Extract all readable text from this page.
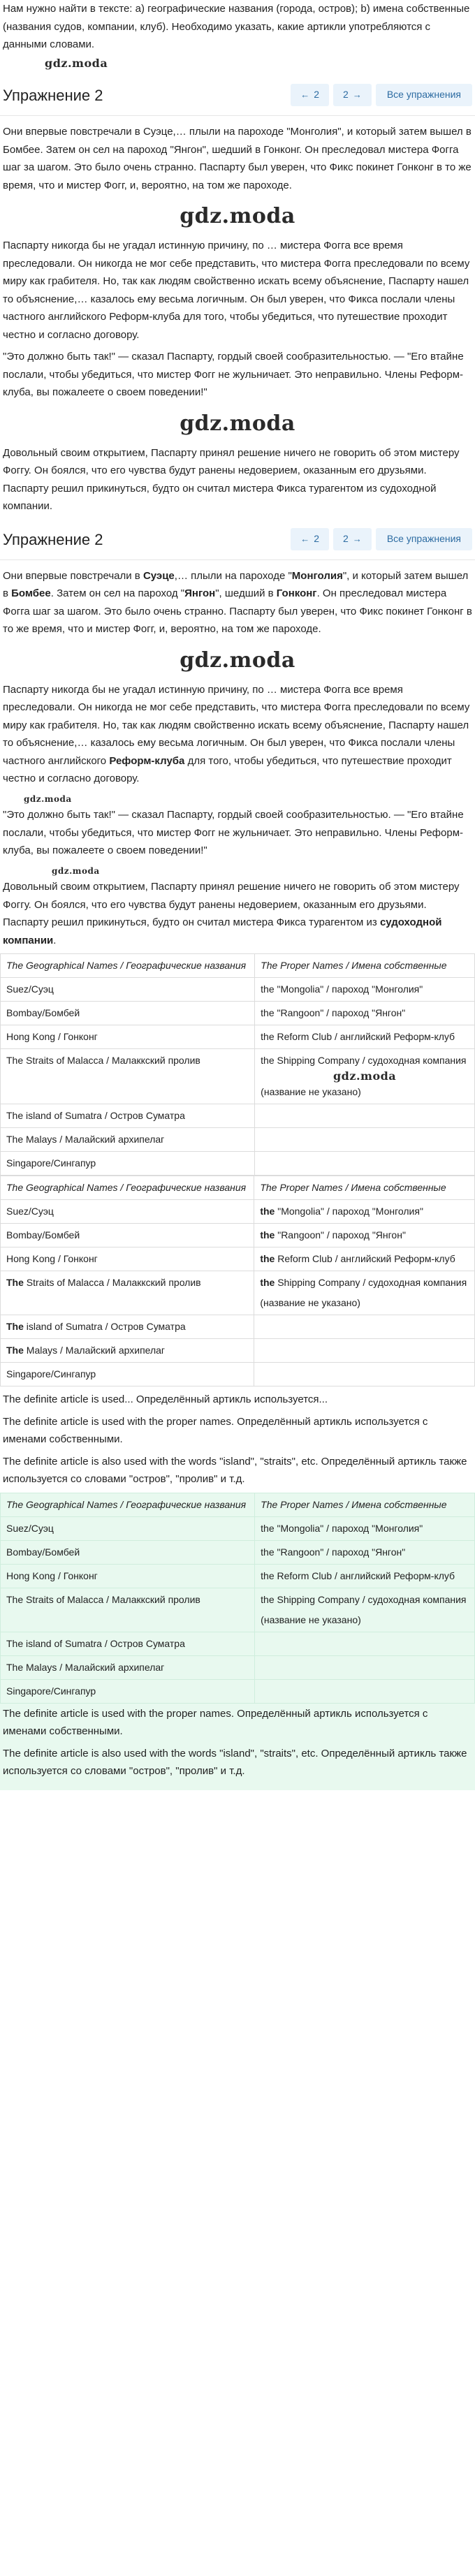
Нам нужно найти в тексте: а) географические названия (города, остров); b) имена собственные (названия судов, компании, клуб). Необходимо указать, какие артикли употребляются с данными словами.

gdz.moda
Упражнение 2	← 2 2 →	Все упражнения

Они впервые повстречали в Суэце,… плыли на пароходе "Монголия", и который затем вышел в Бомбее. Затем он сел на пароход "Янгон", шедший в Гонконг. Он преследовал мистера Фогга шаг за шагом. Это было очень странно. Паспарту был уверен, что Фикс покинет Гонконг в то же время, что и мистер Фогг, и, вероятно, на том же пароходе.

gdz.moda

Паспарту никогда бы не угадал истинную причину, по … мистера Фогга все время преследовали. Он никогда не мог себе представить, что мистера Фогга преследовали по всему миру как грабителя. Но, так как людям свойственно искать всему объяснение, Паспарту нашел то объяснение,… казалось ему весьма логичным. Он был уверен, что Фикса послали члены частного английского Реформ-клуба для того, чтобы убедиться, что путешествие проходит честно и согласно договору.

"Это должно быть так!" — сказал Паспарту, гордый своей сообразительностью. — "Его втайне послали, чтобы убедиться, что мистер Фогг не жульничает. Это неправильно. Члены Реформ-клуба, вы пожалеете о своем поведении!"

gdz.moda

Довольный своим открытием, Паспарту принял решение ничего не говорить об этом мистеру Фоггу. Он боялся, что его чувства будут ранены недоверием, оказанным его друзьями. Паспарту решил прикинуться, будто он считал мистера Фикса турагентом из судоходной компании.

Упражнение 2	← 2 2 →	Все упражнения

Они впервые повстречали в Суэце,… плыли на пароходе "Монголия", и который затем вышел в Бомбее. Затем он сел на пароход "Янгон", шедший в Гонконг. Он преследовал мистера Фогга шаг за шагом. Это было очень странно. Паспарту был уверен, что Фикс покинет Гонконг в то же время, что и мистер Фогг, и, вероятно, на том же пароходе.

gdz.moda

Паспарту никогда бы не угадал истинную причину, по … мистера Фогга все время преследовали. Он никогда не мог себе представить, что мистера Фогга преследовали по всему миру как грабителя. Но, так как людям свойственно искать всему объяснение, Паспарту нашел то объяснение,… казалось ему весьма логичным. Он был уверен, что Фикса послали члены частного английского Реформ-клуба для того, чтобы убедиться, что путешествие проходит честно и согласно договору.

gdz.moda

"Это должно быть так!" — сказал Паспарту, гордый своей сообразительностью. — "Его втайне послали, чтобы убедиться, что мистер Фогг не жульничает. Это неправильно. Члены Реформ-клуба, вы пожалеете о своем поведении!"

gdz.moda

Довольный своим открытием, Паспарту принял решение ничего не говорить об этом мистеру Фоггу. Он боялся, что его чувства будут ранены недоверием, оказанным его друзьями. Паспарту решил прикинуться, будто он считал мистера Фикса турагентом из судоходной компании.

The Geographical Names / Географические названия	The Proper Names / Имена собственные
Suez/Суэц	the "Mongolia" / пароход "Монголия"
Bombay/Бомбей	the "Rangoon" / пароход "Янгон"
Hong Kong / Гонконг	the Reform Club / английский Реформ-клуб
The Straits of Malacca / Малаккский пролив	the Shipping Company / судоходная компания
gdz.moda
(название не указано)

The island of Sumatra / Остров Суматра	
The Malays / Малайский архипелаг	
Singapore/Сингапур	
The Geographical Names / Географические названия	The Proper Names / Имена собственные
Suez/Суэц	the "Mongolia" / пароход "Монголия"
Bombay/Бомбей	the "Rangoon" / пароход "Янгон"
Hong Kong / Гонконг	the Reform Club / английский Реформ-клуб
The Straits of Malacca / Малаккский пролив	the Shipping Company / судоходная компания
(название не указано)

The island of Sumatra / Остров Суматра	
The Malays / Малайский архипелаг	
Singapore/Сингапур	

The definite article is used... Определённый артикль используется...

The definite article is used with the proper names. Определённый артикль используется с именами собственными.

The definite article is also used with the words "island", "straits", etc. Определённый артикль также используется со словами "остров", "пролив" и т.д.

The Geographical Names / Географические названия	The Proper Names / Имена собственные
Suez/Суэц	the "Mongolia" / пароход "Монголия"
Bombay/Бомбей	the "Rangoon" / пароход "Янгон"
Hong Kong / Гонконг	the Reform Club / английский Реформ-клуб
The Straits of Malacca / Малаккский пролив	the Shipping Company / судоходная компания
(название не указано)

The island of Sumatra / Остров Суматра	
The Malays / Малайский архипелаг	
Singapore/Сингапур	

The definite article is used with the proper names. Определённый артикль используется с именами собственными.

The definite article is also used with the words "island", "straits", etc. Определённый артикль также используется со словами "остров", "пролив" и т.д.
